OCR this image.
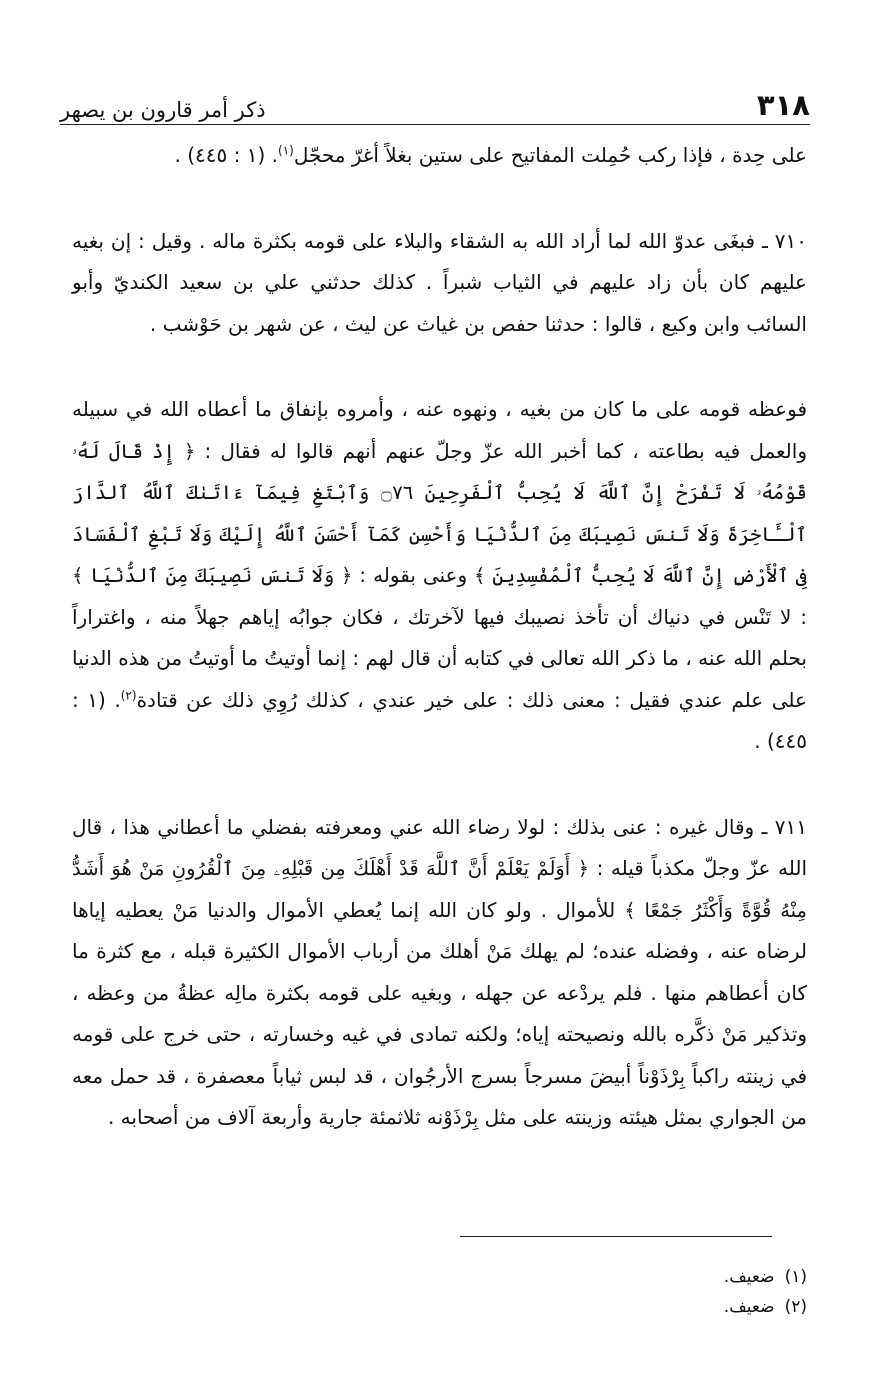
٣١٨
ذكر أمر قارون بن يصهر

على حِدة ، فإذا ركب حُمِلت المفاتيح على ستين بغلاً أغرّ محجّل$^{(١)}$. (١ : ٤٤٥) .

٧١٠ ـ فبغَى عدوّ الله لما أراد الله به الشقاء والبلاء على قومه بكثرة ماله . وقيل : إن بغيه عليهم كان بأن زاد عليهم في الثياب شبراً . كذلك حدثني علي بن سعيد الكنديّ وأبو السائب وابن وكيع ، قالوا : حدثنا حفص بن غياث عن ليث ، عن شهر بن حَوْشب .

فوعظه قومه على ما كان من بغيه ، ونهوه عنه ، وأمروه بإنفاق ما أعطاه الله في سبيله والعمل فيه بطاعته ، كما أخبر الله عزّ وجلّ عنهم أنهم قالوا له فقال : ﴿ إِذْ قَالَ لَهُۥ قَوْمُهُۥ لَا تَفْرَحْ إِنَّ ٱللَّهَ لَا يُحِبُّ ٱلْفَرِحِينَ ۝٧٦ وَٱبْتَغِ فِيمَآ ءَاتَىٰكَ ٱللَّهُ ٱلدَّارَ ٱلْـَٔاخِرَةَ وَلَا تَنسَ نَصِيبَكَ مِنَ ٱلدُّنْيَا وَأَحْسِن كَمَآ أَحْسَنَ ٱللَّهُ إِلَيْكَ وَلَا تَبْغِ ٱلْفَسَادَ فِى ٱلْأَرْضِ إِنَّ ٱللَّهَ لَا يُحِبُّ ٱلْمُفْسِدِينَ ﴾ وعنى بقوله : ﴿ وَلَا تَنسَ نَصِيبَكَ مِنَ ٱلدُّنْيَا ﴾ : لا تَنْس في دنياك أن تأخذ نصيبك فيها لآخرتك ، فكان جوابُه إياهم جهلاً منه ، واغتراراً بحلم الله عنه ، ما ذكر الله تعالى في كتابه أن قال لهم : إنما أوتيتُ ما أوتيتُ من هذه الدنيا على علم عندي فقيل : معنى ذلك : على خير عندي ، كذلك رُوِي ذلك عن قتادة$^{(٢)}$. (١ : ٤٤٥) .

٧١١ ـ وقال غيره : عنى بذلك : لولا رضاء الله عني ومعرفته بفضلي ما أعطاني هذا ، قال الله عزّ وجلّ مكذباً قيله : ﴿ أَوَلَمْ يَعْلَمْ أَنَّ ٱللَّهَ قَدْ أَهْلَكَ مِن قَبْلِهِۦ مِنَ ٱلْقُرُونِ مَنْ هُوَ أَشَدُّ مِنْهُ قُوَّةً وَأَكْثَرُ جَمْعًا ﴾ للأموال . ولو كان الله إنما يُعطي الأموال والدنيا مَنْ يعطيه إياها لرضاه عنه ، وفضله عنده؛ لم يهلك مَنْ أهلك من أرباب الأموال الكثيرة قبله ، مع كثرة ما كان أعطاهم منها . فلم يردْعه عن جهله ، وبغيه على قومه بكثرة مالِه عظةُ من وعظه ، وتذكير مَنْ ذكَّره بالله ونصيحته إياه؛ ولكنه تمادى في غيه وخسارته ، حتى خرج على قومه في زينته راكباً بِرْذَوْناً أبيضَ مسرجاً بسرج الأرجُوان ، قد لبس ثياباً معصفرة ، قد حمل معه من الجواري بمثل هيئته وزينته على مثل بِرْذَوْنه ثلاثمئة جارية وأربعة آلاف من أصحابه .

(١)ضعيف.

(٢)ضعيف.
